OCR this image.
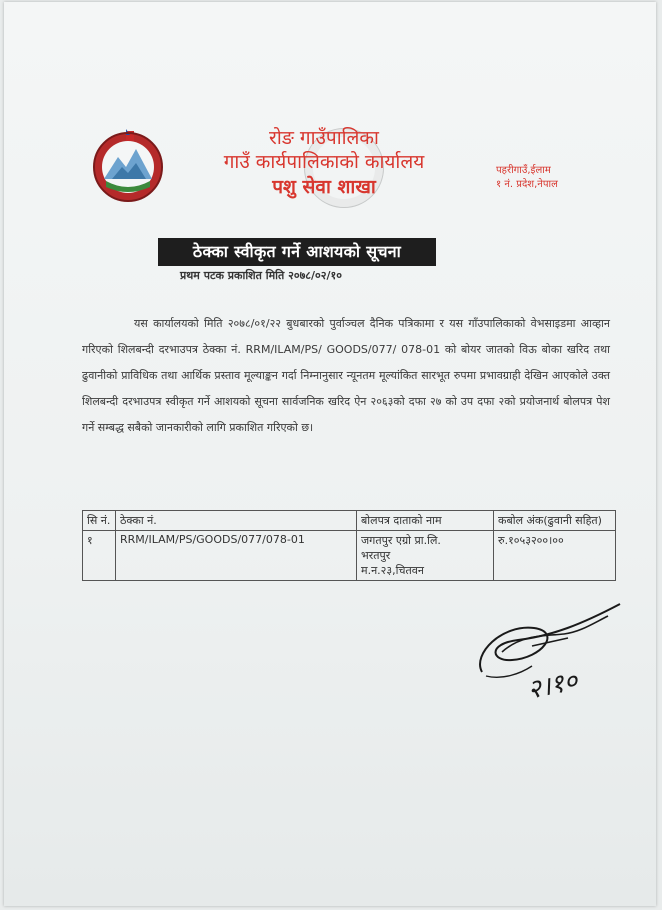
रोङ गाउँपालिका
गाउँ कार्यपालिकाको कार्यालय
पशु सेवा शाखा
पहरीगाउँ,ईलाम
१ नं. प्रदेश,नेपाल
ठेक्का स्वीकृत गर्ने आशयको सूचना
प्रथम पटक प्रकाशित मिति २०७८/०२/१०
यस कार्यालयको मिति २०७८/०१/२२ बुधबारको पुर्वाञ्चल दैनिक पत्रिकामा र यस गाँउपालिकाको वेभसाइडमा आव्हान गरिएको शिलबन्दी दरभाउपत्र ठेक्का नं. RRM/ILAM/PS/ GOODS/077/ 078-01 को बोयर जातको विऊ बोका खरिद तथा ढुवानीको प्राविधिक तथा आर्थिक प्रस्ताव मूल्याङ्कन गर्दा निम्नानुसार न्यूनतम मूल्यांकित सारभूत रुपमा प्रभावग्राही देखिन आएकोले उक्त शिलबन्दी दरभाउपत्र स्वीकृत गर्ने आशयको सूचना सार्वजनिक खरिद ऐन २०६३को दफा २७ को उप दफा २को प्रयोजनार्थ बोलपत्र पेश गर्ने सम्बद्ध सबैको जानकारीको लागि प्रकाशित गरिएको छ।
सि नं.	ठेक्का नं.	बोलपत्र दाताको नाम	कबोल अंक(ढुवानी सहित)
१	RRM/ILAM/PS/GOODS/077/078-01	जगतपुर एग्रो प्रा.लि.
भरतपुर
म.न.२३,चितवन	रु.१०५३२००।००
२।१०
